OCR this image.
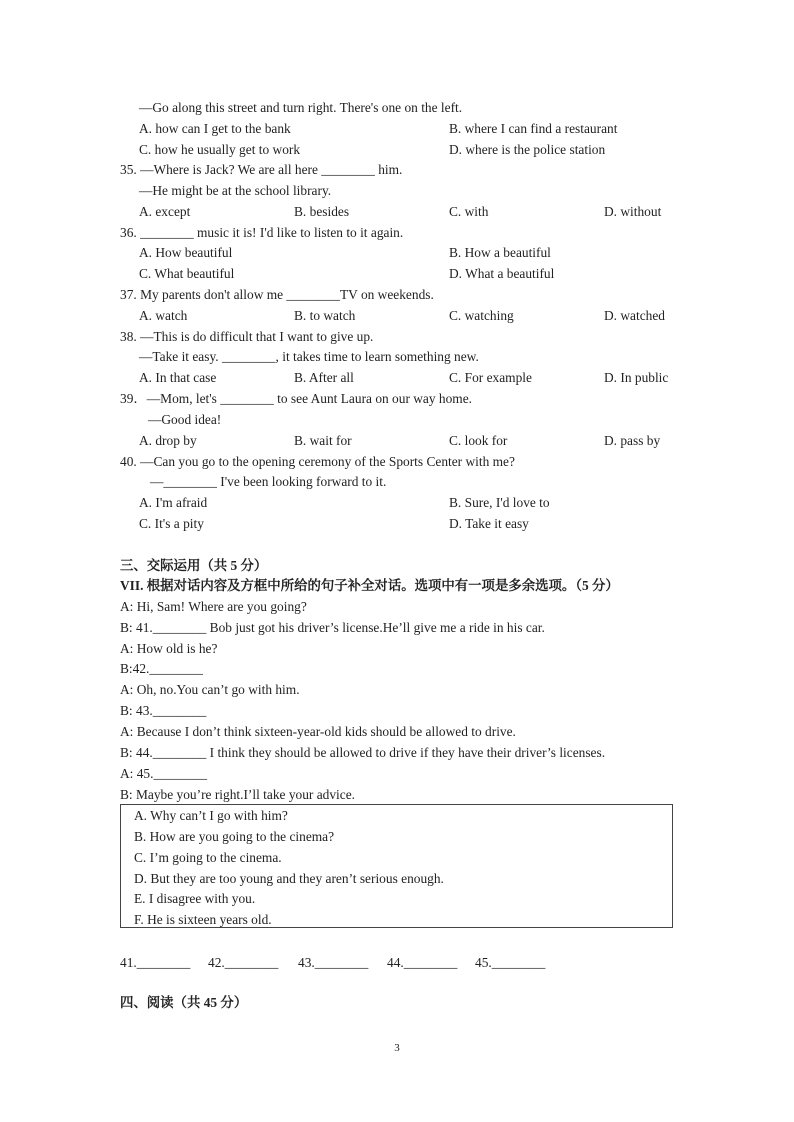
—Go along this street and turn right. There's one on the left.
A. how can I get to the bank	B. where I can find a restaurant
C. how he usually get to work	D. where is the police station
35. —Where is Jack? We are all here ________ him.
—He might be at the school library.
A. except	B. besides	C. with	D. without
36. ________ music it is! I'd like to listen to it again.
A. How beautiful	B. How a beautiful
C. What beautiful	D. What a beautiful
37. My parents don't allow me ________TV on weekends.
A. watch	B. to watch	C. watching	D. watched
38. —This is do difficult that I want to give up.
—Take it easy. ________, it takes time to learn something new.
A. In that case	B. After all	C. For example	D. In public
39．—Mom, let's ________ to see Aunt Laura on our way home.
—Good idea!
A. drop by	B. wait for	C. look for	D. pass by
40. —Can you go to the opening ceremony of the Sports Center with me?
—________ I've been looking forward to it.
A. I'm afraid	B. Sure, I'd love to
C. It's a pity	D. Take it easy
三、交际运用（共 5 分）
VII. 根据对话内容及方框中所给的句子补全对话。选项中有一项是多余选项。（5 分）
A: Hi, Sam! Where are you going?
B: 41.________ Bob just got his driver’s license.He’ll give me a ride in his car.
A: How old is he?
B:42.________
A: Oh, no.You can’t go with him.
B: 43.________
A: Because I don’t think sixteen-year-old kids should be allowed to drive.
B: 44.________ I think they should be allowed to drive if they have their driver’s licenses.
A: 45.________
B: Maybe you’re right.I’ll take your advice.
A. Why can’t I go with him?
B. How are you going to the cinema?
C. I’m going to the cinema.
D. But they are too young and they aren’t serious enough.
E. I disagree with you.
F. He is sixteen years old.
41.________ 42.________ 43.________ 44.________ 45.________
四、阅读（共 45 分）
3
